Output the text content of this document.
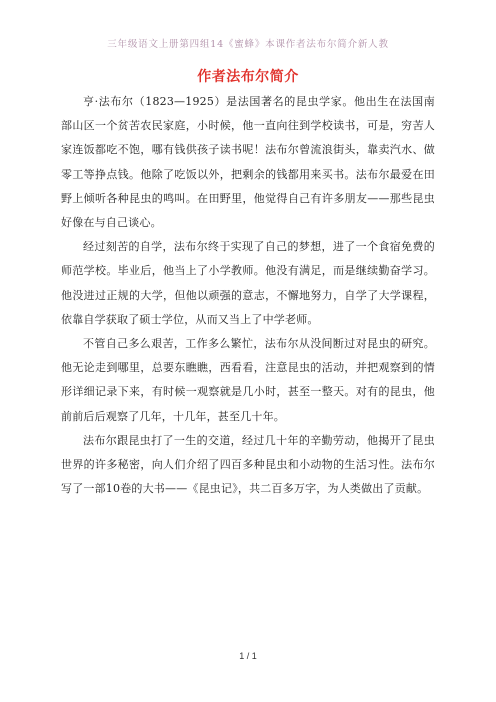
三年级语文上册第四组14《蜜蜂》本课作者法布尔简介新人教
作者法布尔简介

亨·法布尔（1823—1925）是法国著名的昆虫学家。他出生在法国南部山区一个贫苦农民家庭，小时候，他一直向往到学校读书，可是，穷苦人家连饭都吃不饱，哪有钱供孩子读书呢！法布尔曾流浪街头，靠卖汽水、做零工等挣点钱。他除了吃饭以外，把剩余的钱都用来买书。法布尔最爱在田野上倾听各种昆虫的鸣叫。在田野里，他觉得自己有许多朋友——那些昆虫好像在与自己谈心。

经过刻苦的自学，法布尔终于实现了自己的梦想，进了一个食宿免费的师范学校。毕业后，他当上了小学教师。他没有满足，而是继续勤奋学习。他没进过正规的大学，但他以顽强的意志，不懈地努力，自学了大学课程，依靠自学获取了硕士学位，从而又当上了中学老师。

不管自己多么艰苦，工作多么繁忙，法布尔从没间断过对昆虫的研究。他无论走到哪里，总要东瞧瞧，西看看，注意昆虫的活动，并把观察到的情形详细记录下来，有时候一观察就是几小时，甚至一整天。对有的昆虫，他前前后后观察了几年，十几年，甚至几十年。

法布尔跟昆虫打了一生的交道，经过几十年的辛勤劳动，他揭开了昆虫世界的许多秘密，向人们介绍了四百多种昆虫和小动物的生活习性。法布尔写了一部10卷的大书——《昆虫记》，共二百多万字，为人类做出了贡献。

1 / 1
